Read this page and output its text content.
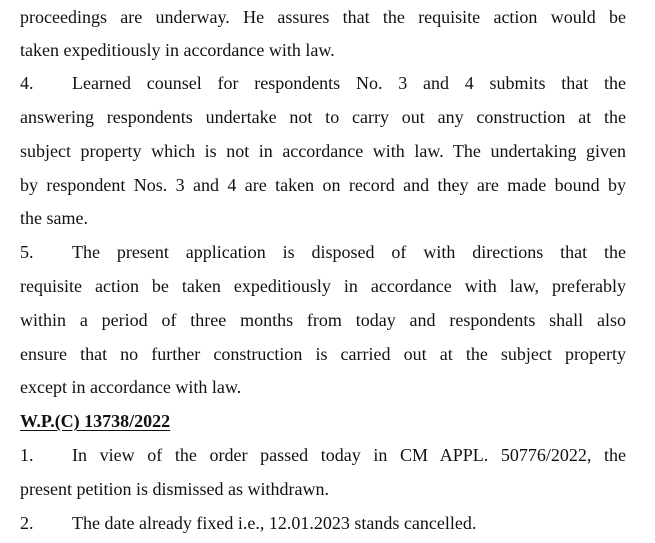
proceedings are underway. He assures that the requisite action would be
taken expeditiously in accordance with law.
4. Learned counsel for respondents No. 3 and 4 submits that the
answering respondents undertake not to carry out any construction at the
subject property which is not in accordance with law. The undertaking given
by respondent Nos. 3 and 4 are taken on record and they are made bound by
the same.
5. The present application is disposed of with directions that the
requisite action be taken expeditiously in accordance with law, preferably
within a period of three months from today and respondents shall also
ensure that no further construction is carried out at the subject property
except in accordance with law.
W.P.(C) 13738/2022
1. In view of the order passed today in CM APPL. 50776/2022, the
present petition is dismissed as withdrawn.
2. The date already fixed i.e., 12.01.2023 stands cancelled.
